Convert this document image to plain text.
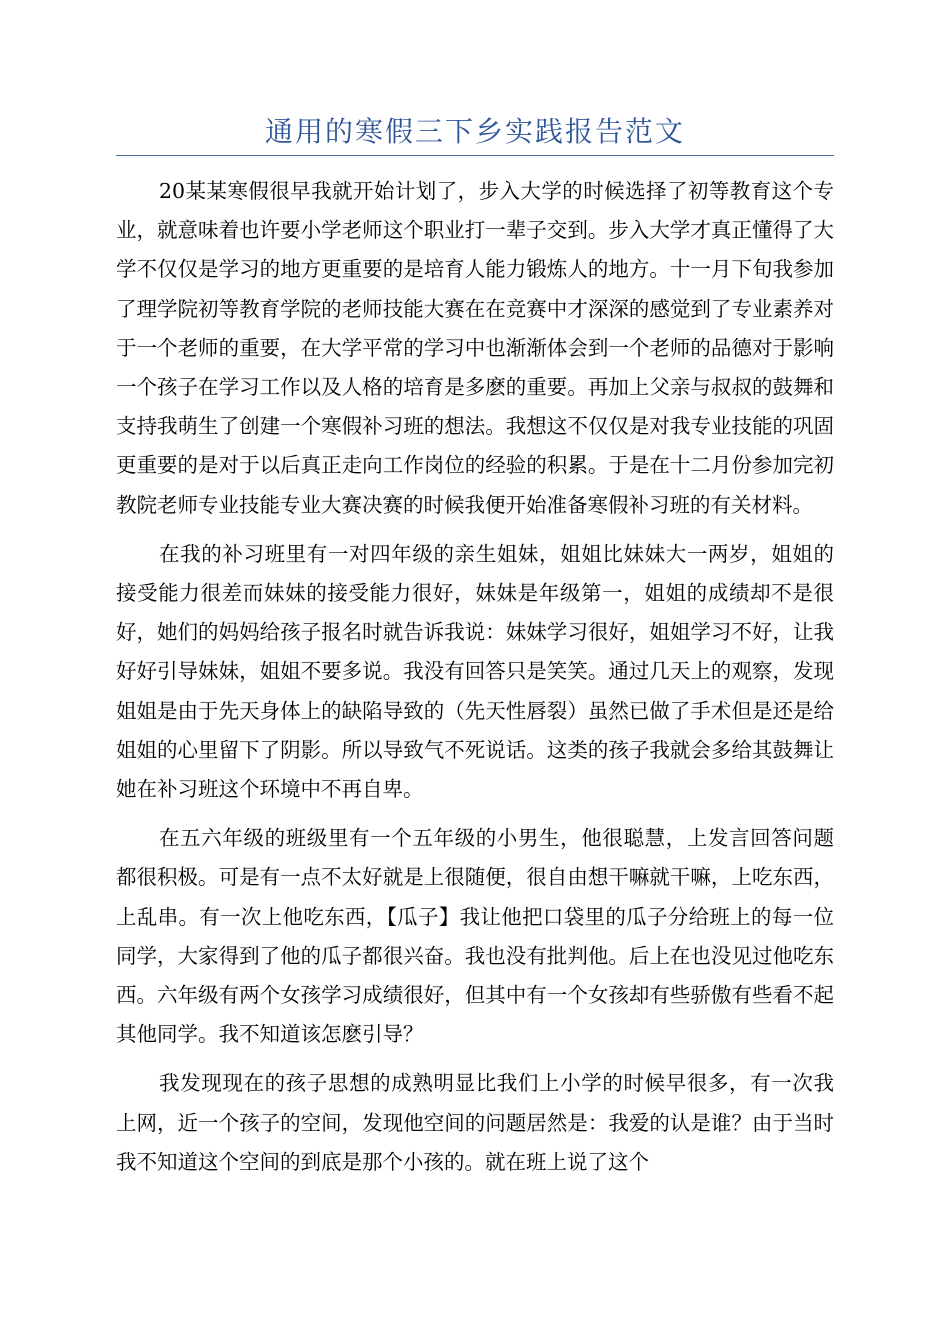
通用的寒假三下乡实践报告范文

20某某寒假很早我就开始计划了，步入大学的时候选择了初等教育这个专业，就意味着也许要小学老师这个职业打一辈子交到。步入大学才真正懂得了大学不仅仅是学习的地方更重要的是培育人能力锻炼人的地方。十一月下旬我参加了理学院初等教育学院的老师技能大赛在在竞赛中才深深的感觉到了专业素养对于一个老师的重要，在大学平常的学习中也渐渐体会到一个老师的品德对于影响一个孩子在学习工作以及人格的培育是多麽的重要。再加上父亲与叔叔的鼓舞和支持我萌生了创建一个寒假补习班的想法。我想这不仅仅是对我专业技能的巩固更重要的是对于以后真正走向工作岗位的经验的积累。于是在十二月份参加完初教院老师专业技能专业大赛决赛的时候我便开始准备寒假补习班的有关材料。

在我的补习班里有一对四年级的亲生姐妹，姐姐比妹妹大一两岁，姐姐的接受能力很差而妹妹的接受能力很好，妹妹是年级第一，姐姐的成绩却不是很好，她们的妈妈给孩子报名时就告诉我说：妹妹学习很好，姐姐学习不好，让我好好引导妹妹，姐姐不要多说。我没有回答只是笑笑。通过几天上的观察，发现姐姐是由于先天身体上的缺陷导致的（先天性唇裂）虽然已做了手术但是还是给姐姐的心里留下了阴影。所以导致气不死说话。这类的孩子我就会多给其鼓舞让她在补习班这个环境中不再自卑。

在五六年级的班级里有一个五年级的小男生，他很聪慧，上发言回答问题都很积极。可是有一点不太好就是上很随便，很自由想干嘛就干嘛，上吃东西，上乱串。有一次上他吃东西，【瓜子】我让他把口袋里的瓜子分给班上的每一位同学，大家得到了他的瓜子都很兴奋。我也没有批判他。后上在也没见过他吃东西。六年级有两个女孩学习成绩很好，但其中有一个女孩却有些骄傲有些看不起其他同学。我不知道该怎麽引导？

我发现现在的孩子思想的成熟明显比我们上小学的时候早很多，有一次我上网，近一个孩子的空间，发现他空间的问题居然是：我爱的认是谁？由于当时我不知道这个空间的到底是那个小孩的。就在班上说了这个
